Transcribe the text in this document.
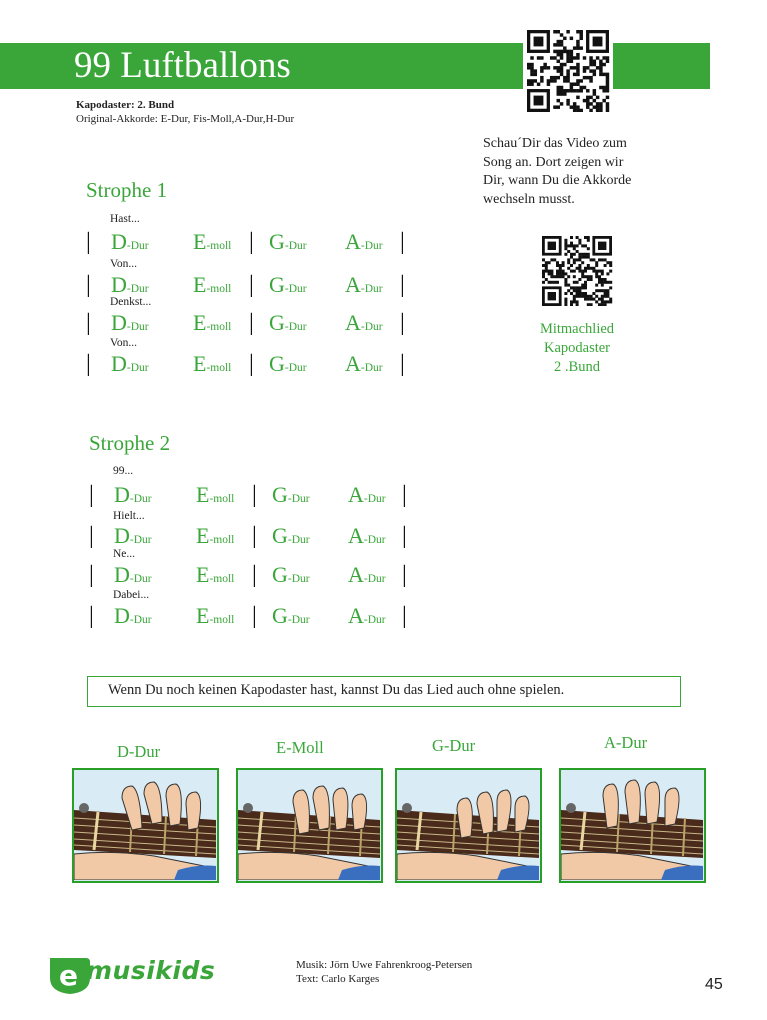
99 Luftballons
Kapodaster: 2. Bund
Original-Akkorde: E-Dur, Fis-Moll,A-Dur,H-Dur
Schau´Dir das Video zum
Song an. Dort zeigen wir
Dir, wann Du die Akkorde
wechseln musst.
Mitmachlied
Kapodaster
2 .Bund
Strophe 1
Hast...
|	|	|
D-Dur E-moll G-Dur A-Dur
Von...
|	|	|
D-Dur E-moll G-Dur A-Dur
Denkst...
|	|	|
D-Dur E-moll G-Dur A-Dur
Von...
|	|	|
D-Dur E-moll G-Dur A-Dur
Strophe 2
99...
|	|	|
D-Dur E-moll G-Dur A-Dur
Hielt...
|	|	|
D-Dur E-moll G-Dur A-Dur
Ne...
|	|	|
D-Dur E-moll G-Dur A-Dur
Dabei...
|	|	|
D-Dur E-moll G-Dur A-Dur
Wenn Du noch keinen Kapodaster hast, kannst Du das Lied auch ohne spielen.
D-Dur	E-Moll	G-Dur	A-Dur
e musikids	Musik: Jörn Uwe Fahrenkroog-Petersen
Text: Carlo Karges	45
